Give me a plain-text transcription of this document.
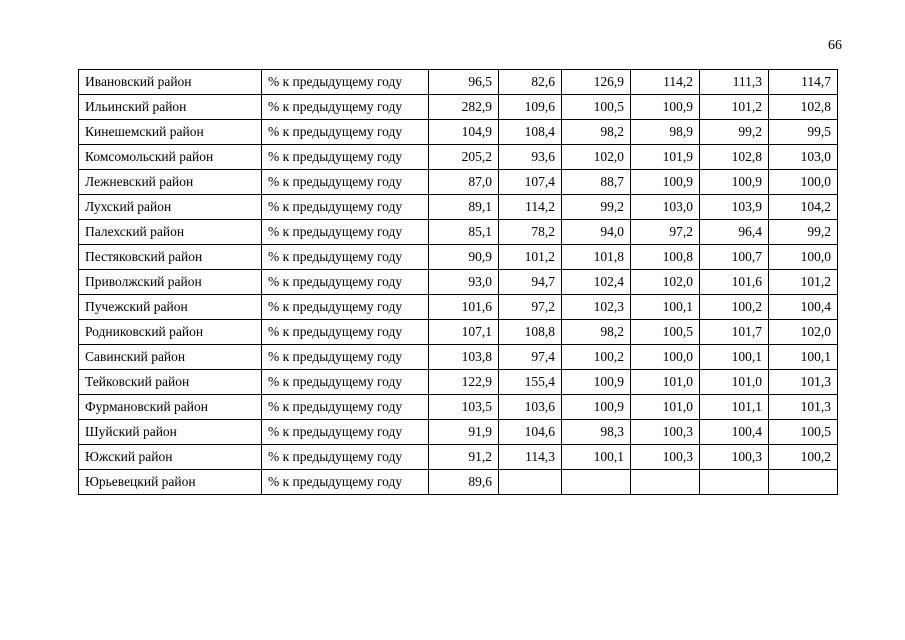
66
Ивановский район	% к предыдущему году	96,5	82,6	126,9	114,2	111,3	114,7
Ильинский район	% к предыдущему году	282,9	109,6	100,5	100,9	101,2	102,8
Кинешемский район	% к предыдущему году	104,9	108,4	98,2	98,9	99,2	99,5
Комсомольский район	% к предыдущему году	205,2	93,6	102,0	101,9	102,8	103,0
Лежневский район	% к предыдущему году	87,0	107,4	88,7	100,9	100,9	100,0
Лухский район	% к предыдущему году	89,1	114,2	99,2	103,0	103,9	104,2
Палехский район	% к предыдущему году	85,1	78,2	94,0	97,2	96,4	99,2
Пестяковский район	% к предыдущему году	90,9	101,2	101,8	100,8	100,7	100,0
Приволжский район	% к предыдущему году	93,0	94,7	102,4	102,0	101,6	101,2
Пучежский район	% к предыдущему году	101,6	97,2	102,3	100,1	100,2	100,4
Родниковский район	% к предыдущему году	107,1	108,8	98,2	100,5	101,7	102,0
Савинский район	% к предыдущему году	103,8	97,4	100,2	100,0	100,1	100,1
Тейковский район	% к предыдущему году	122,9	155,4	100,9	101,0	101,0	101,3
Фурмановский район	% к предыдущему году	103,5	103,6	100,9	101,0	101,1	101,3
Шуйский район	% к предыдущему году	91,9	104,6	98,3	100,3	100,4	100,5
Южский район	% к предыдущему году	91,2	114,3	100,1	100,3	100,3	100,2
Юрьевецкий район	% к предыдущему году	89,6					
